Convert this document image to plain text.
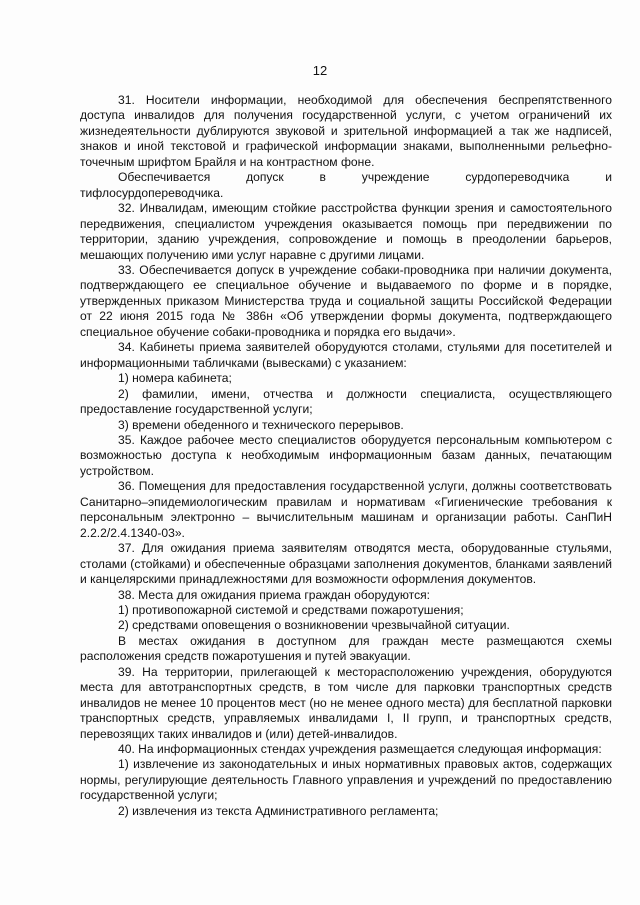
12

31. Носители информации, необходимой для обеспечения беспрепятственного доступа инвалидов для получения государственной услуги, с учетом ограничений их жизнедеятельности дублируются звуковой и зрительной информацией а так же надписей, знаков и иной текстовой и графической информации знаками, выполненными рельефно-точечным шрифтом Брайля и на контрастном фоне.

Обеспечивается допуск в учреждение сурдопереводчика и

тифлосурдопереводчика.

32. Инвалидам, имеющим стойкие расстройства функции зрения и самостоятельного передвижения, специалистом учреждения оказывается помощь при передвижении по территории, зданию учреждения, сопровождение и помощь в преодолении барьеров, мешающих получению ими услуг наравне с другими лицами.

33. Обеспечивается допуск в учреждение собаки-проводника при наличии документа, подтверждающего ее специальное обучение и выдаваемого по форме и в порядке, утвержденных приказом Министерства труда и социальной защиты Российской Федерации от 22 июня 2015 года № 386н «Об утверждении формы документа, подтверждающего специальное обучение собаки-проводника и порядка его выдачи».

34. Кабинеты приема заявителей оборудуются столами, стульями для посетителей и информационными табличками (вывесками) с указанием:

1) номера кабинета;

2) фамилии, имени, отчества и должности специалиста, осуществляющего предоставление государственной услуги;

3) времени обеденного и технического перерывов.

35. Каждое рабочее место специалистов оборудуется персональным компьютером с возможностью доступа к необходимым информационным базам данных, печатающим устройством.

36. Помещения для предоставления государственной услуги, должны соответствовать Санитарно–эпидемиологическим правилам и нормативам «Гигиенические требования к персональным электронно – вычислительным машинам и организации работы. СанПиН 2.2.2/2.4.1340-03».

37. Для ожидания приема заявителям отводятся места, оборудованные стульями, столами (стойками) и обеспеченные образцами заполнения документов, бланками заявлений и канцелярскими принадлежностями для возможности оформления документов.

38. Места для ожидания приема граждан оборудуются:

1) противопожарной системой и средствами пожаротушения;

2) средствами оповещения о возникновении чрезвычайной ситуации.

В местах ожидания в доступном для граждан месте размещаются схемы расположения средств пожаротушения и путей эвакуации.

39. На территории, прилегающей к месторасположению учреждения, оборудуются места для автотранспортных средств, в том числе для парковки транспортных средств инвалидов не менее 10 процентов мест (но не менее одного места) для бесплатной парковки транспортных средств, управляемых инвалидами I, II групп, и транспортных средств, перевозящих таких инвалидов и (или) детей-инвалидов.

40. На информационных стендах учреждения размещается следующая информация:

1) извлечение из законодательных и иных нормативных правовых актов, содержащих нормы, регулирующие деятельность Главного управления и учреждений по предоставлению государственной услуги;

2) извлечения из текста Административного регламента;
